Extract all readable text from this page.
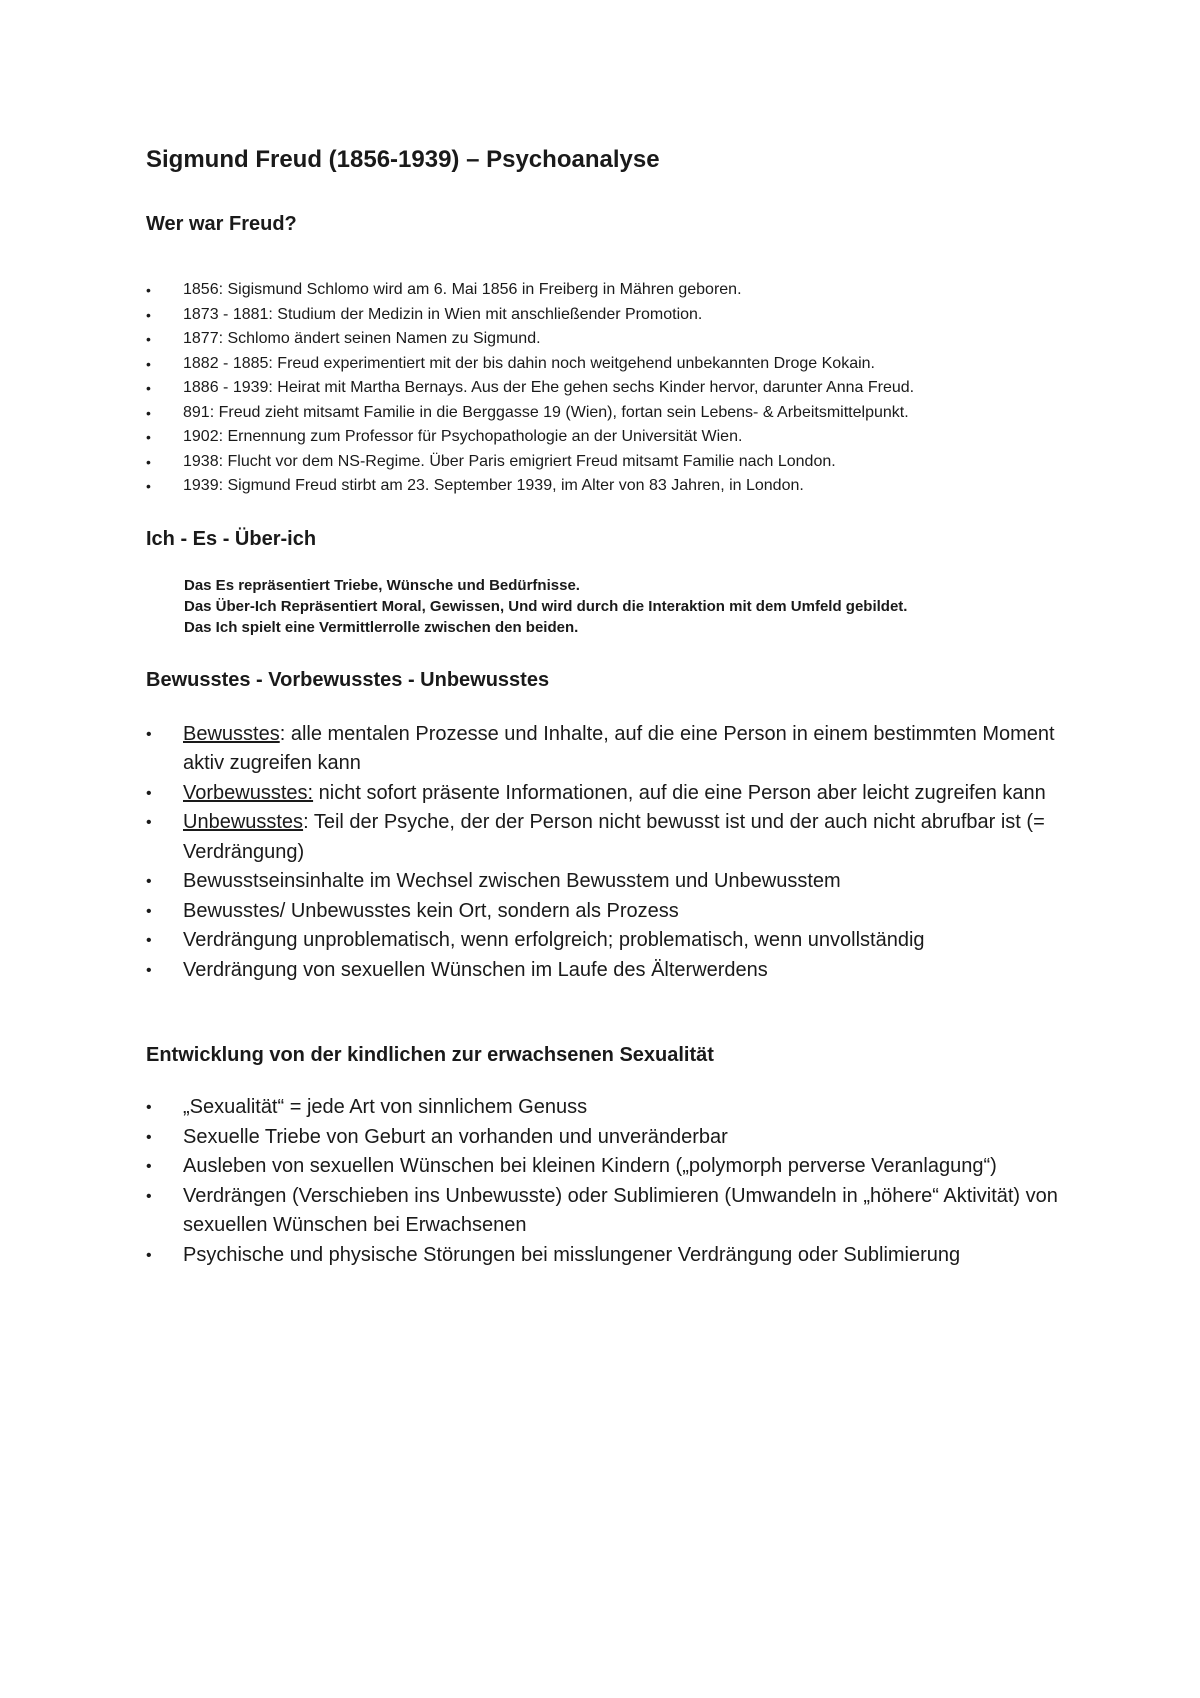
Sigmund Freud (1856-1939) – Psychoanalyse
Wer war Freud?
• 1856: Sigismund Schlomo wird am 6. Mai 1856 in Freiberg in Mähren geboren.
• 1873 - 1881: Studium der Medizin in Wien mit anschließender Promotion.
• 1877: Schlomo ändert seinen Namen zu Sigmund.
• 1882 - 1885: Freud experimentiert mit der bis dahin noch weitgehend unbekannten Droge Kokain.
• 1886 - 1939: Heirat mit Martha Bernays. Aus der Ehe gehen sechs Kinder hervor, darunter Anna Freud.
• 891: Freud zieht mitsamt Familie in die Berggasse 19 (Wien), fortan sein Lebens- & Arbeitsmittelpunkt.
• 1902: Ernennung zum Professor für Psychopathologie an der Universität Wien.
• 1938: Flucht vor dem NS-Regime. Über Paris emigriert Freud mitsamt Familie nach London.
• 1939: Sigmund Freud stirbt am 23. September 1939, im Alter von 83 Jahren, in London.
Ich - Es - Über-ich

Das Es repräsentiert Triebe, Wünsche und Bedürfnisse.

Das Über-Ich Repräsentiert Moral, Gewissen, Und wird durch die Interaktion mit dem Umfeld gebildet.

Das Ich spielt eine Vermittlerrolle zwischen den beiden.

Bewusstes - Vorbewusstes - Unbewusstes
• Bewusstes: alle mentalen Prozesse und Inhalte, auf die eine Person in einem bestimmten Moment aktiv zugreifen kann
• Vorbewusstes: nicht sofort präsente Informationen, auf die eine Person aber leicht zugreifen kann
• Unbewusstes: Teil der Psyche, der der Person nicht bewusst ist und der auch nicht abrufbar ist (= Verdrängung)
• Bewusstseinsinhalte im Wechsel zwischen Bewusstem und Unbewusstem
• Bewusstes/ Unbewusstes kein Ort, sondern als Prozess
• Verdrängung unproblematisch, wenn erfolgreich; problematisch, wenn unvollständig
• Verdrängung von sexuellen Wünschen im Laufe des Älterwerdens
Entwicklung von der kindlichen zur erwachsenen Sexualität
• „Sexualität“ = jede Art von sinnlichem Genuss
• Sexuelle Triebe von Geburt an vorhanden und unveränderbar
• Ausleben von sexuellen Wünschen bei kleinen Kindern („polymorph perverse Veranlagung“)
• Verdrängen (Verschieben ins Unbewusste) oder Sublimieren (Umwandeln in „höhere“ Aktivität) von sexuellen Wünschen bei Erwachsenen
• Psychische und physische Störungen bei misslungener Verdrängung oder Sublimierung
